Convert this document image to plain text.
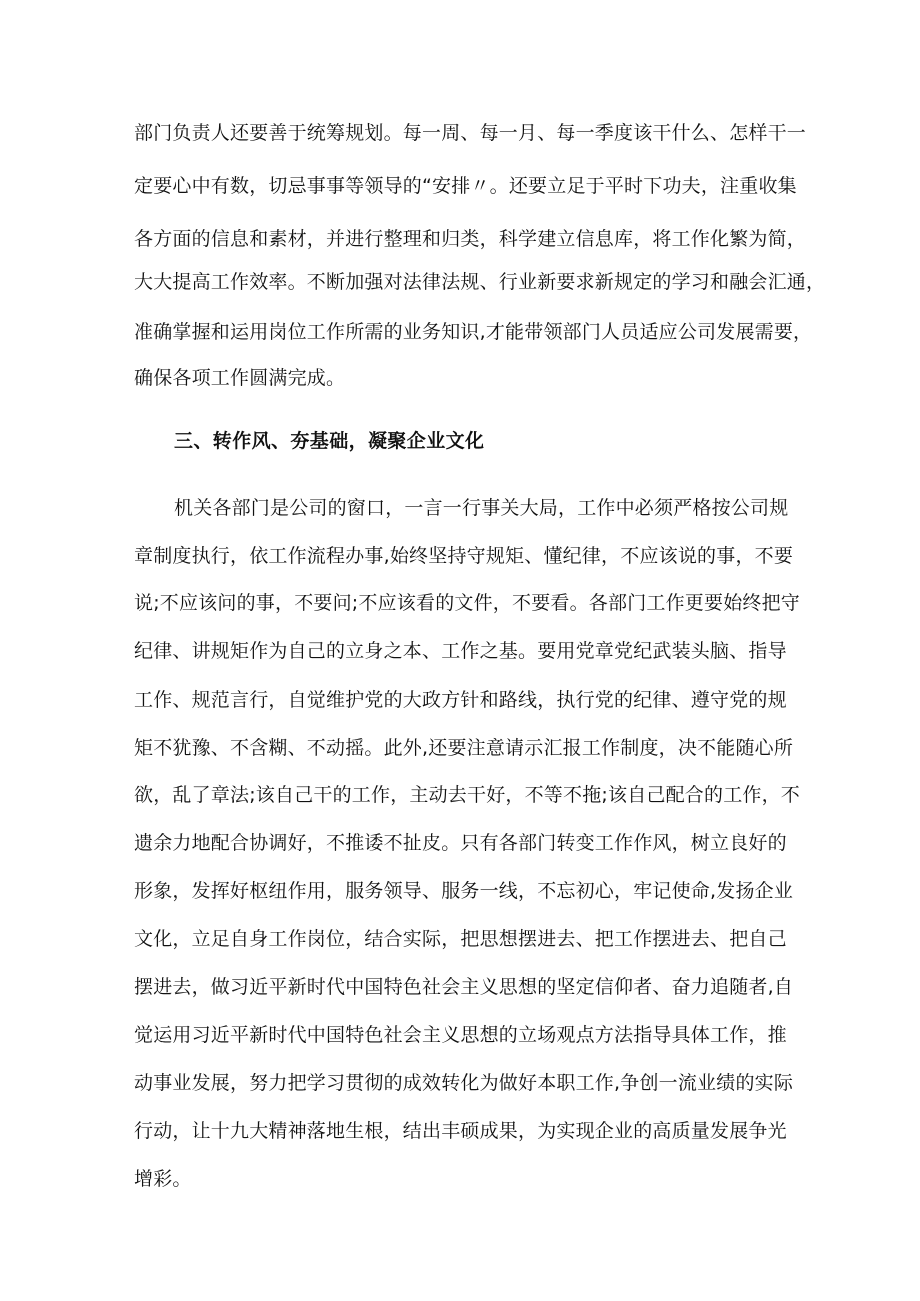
部门负责人还要善于统筹规划。每一周、每一月、每一季度该干什么、怎样干一

定要心中有数，切忌事事等领导的“安排〃。还要立足于平时下功夫，注重收集

各方面的信息和素材，并进行整理和归类，科学建立信息库，将工作化繁为简，

大大提高工作效率。不断加强对法律法规、行业新要求新规定的学习和融会汇通，

准确掌握和运用岗位工作所需的业务知识,才能带领部门人员适应公司发展需要，

确保各项工作圆满完成。

三、转作风、夯基础，凝聚企业文化

机关各部门是公司的窗口，一言一行事关大局，工作中必须严格按公司规

章制度执行，依工作流程办事,始终坚持守规矩、懂纪律，不应该说的事，不要

说;不应该问的事，不要问;不应该看的文件，不要看。各部门工作更要始终把守

纪律、讲规矩作为自己的立身之本、工作之基。要用党章党纪武装头脑、指导

工作、规范言行，自觉维护党的大政方针和路线，执行党的纪律、遵守党的规

矩不犹豫、不含糊、不动摇。此外,还要注意请示汇报工作制度，决不能随心所

欲，乱了章法;该自己干的工作，主动去干好，不等不拖;该自己配合的工作，不

遗余力地配合协调好，不推诿不扯皮。只有各部门转变工作作风，树立良好的

形象，发挥好枢纽作用，服务领导、服务一线，不忘初心，牢记使命,发扬企业

文化，立足自身工作岗位，结合实际，把思想摆进去、把工作摆进去、把自己

摆进去，做习近平新时代中国特色社会主义思想的坚定信仰者、奋力追随者,自

觉运用习近平新时代中国特色社会主义思想的立场观点方法指导具体工作，推

动事业发展，努力把学习贯彻的成效转化为做好本职工作,争创一流业绩的实际

行动，让十九大精神落地生根，结出丰硕成果，为实现企业的高质量发展争光

增彩。
